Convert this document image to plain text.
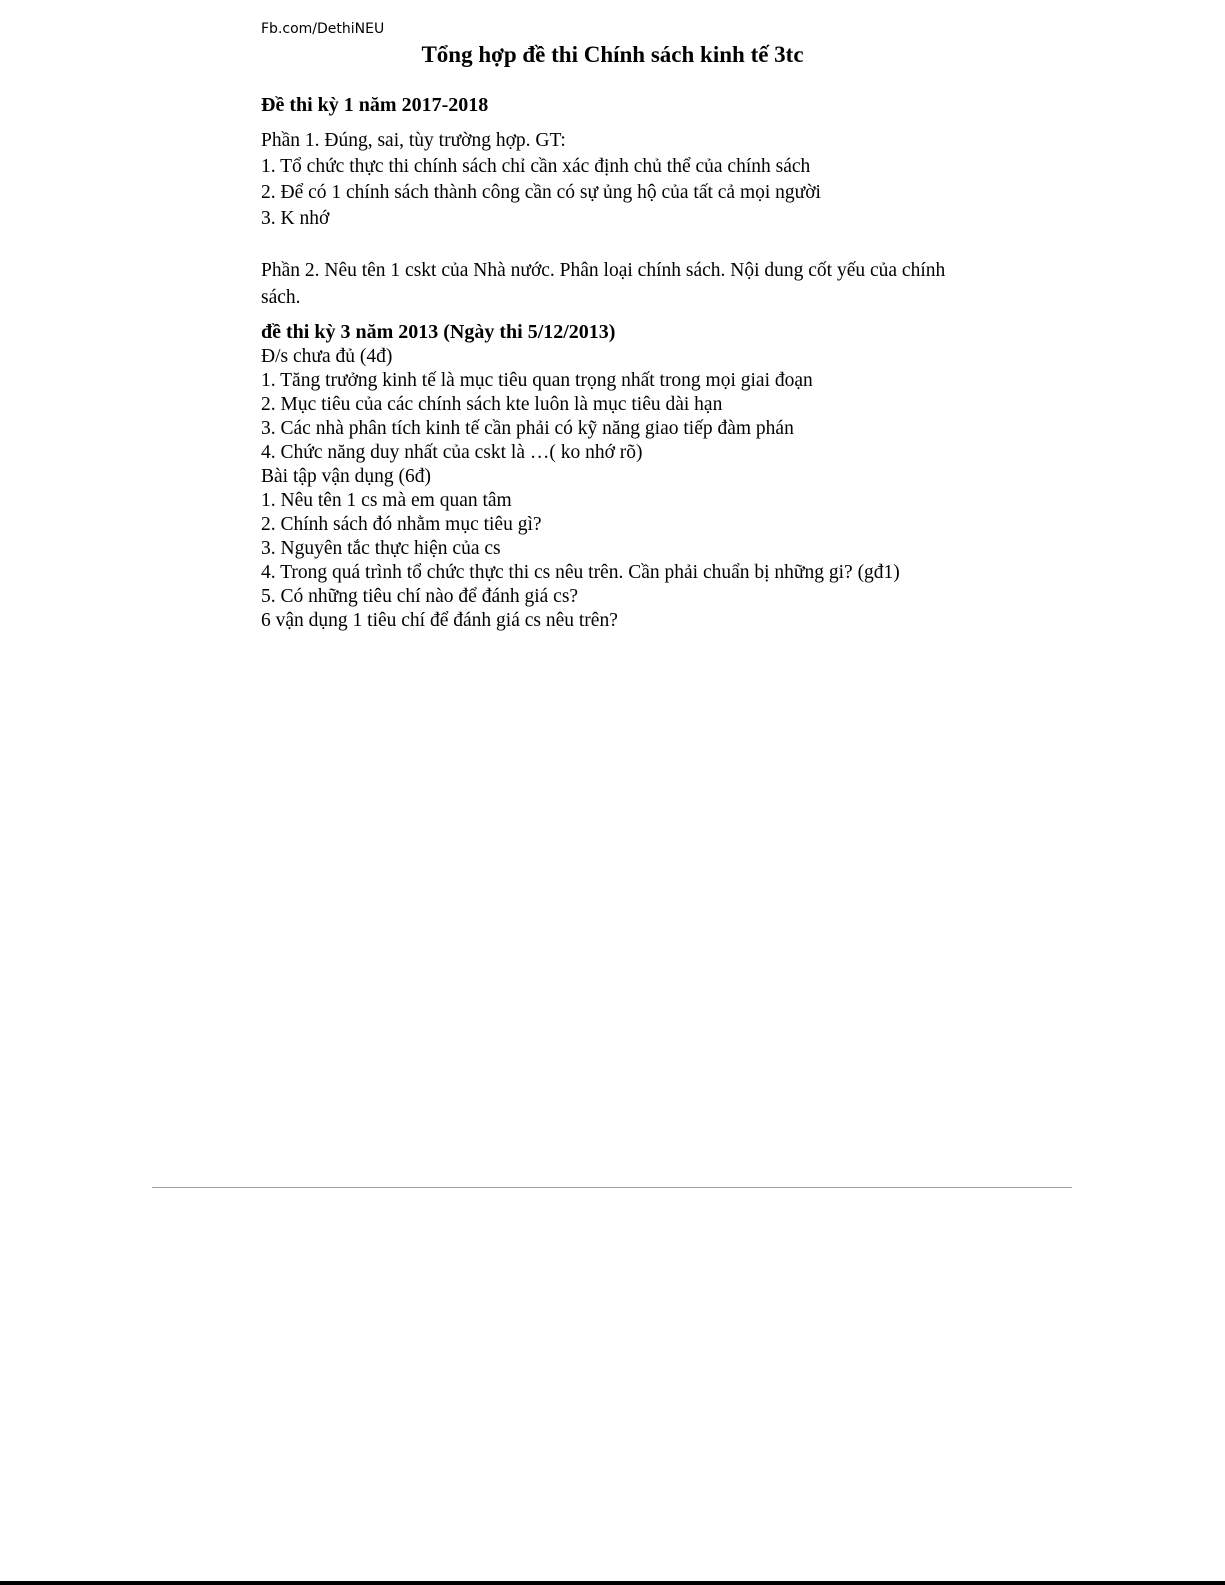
Fb.com/DethiNEU
Tổng hợp đề thi Chính sách kinh tế 3tc

Đề thi kỳ 1 năm 2017-2018

Phần 1. Đúng, sai, tùy trường hợp. GT:

1. Tổ chức thực thi chính sách chỉ cần xác định chủ thể của chính sách

2. Để có 1 chính sách thành công cần có sự ủng hộ của tất cả mọi người

3. K nhớ

Phần 2. Nêu tên 1 cskt của Nhà nước. Phân loại chính sách. Nội dung cốt yếu của chính sách.

đề thi kỳ 3 năm 2013 (Ngày thi 5/12/2013)

Đ/s chưa đủ (4đ)

1. Tăng trưởng kinh tế là mục tiêu quan trọng nhất trong mọi giai đoạn

2. Mục tiêu của các chính sách kte luôn là mục tiêu dài hạn

3. Các nhà phân tích kinh tế cần phải có kỹ năng giao tiếp đàm phán

4. Chức năng duy nhất của cskt là …( ko nhớ rõ)

Bài tập vận dụng (6đ)

1. Nêu tên 1 cs mà em quan tâm

2. Chính sách đó nhằm mục tiêu gì?

3. Nguyên tắc thực hiện của cs

4. Trong quá trình tổ chức thực thi cs nêu trên. Cần phải chuẩn bị những gi? (gđ1)

5. Có những tiêu chí nào để đánh giá cs?

6 vận dụng 1 tiêu chí để đánh giá cs nêu trên?
